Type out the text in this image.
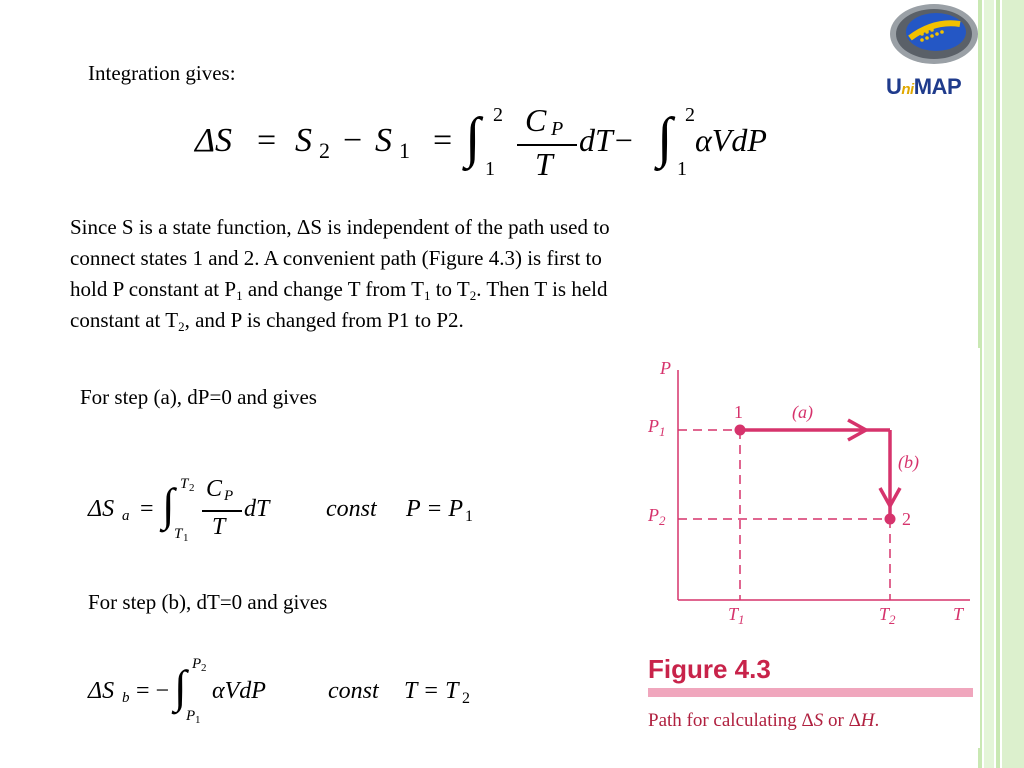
UniMAP
Integration gives:
ΔS = S 2 − S 1 = ∫ 2
1
C P
T
dT− ∫ 2
1
αVdP
Since S is a state function, ΔS is independent of the path used to
connect states 1 and 2. A convenient path (Figure 4.3) is first to
hold P constant at $P_1$ and change T from $T_1$ to $T_2$. Then T is held
constant at $T_2$, and P is changed from P1 to P2.
For step (a), dP=0 and gives
ΔS a = ∫ T 2
T 1
C P
T
dT const P = P 1
For step (b), dT=0 and gives
ΔS b = − ∫ P 2
P 1
αVdP	const T = T 2
P
T
$P_1$
$P_2$
$T_1$	$T_2$
1
2
(a)
(b)
Figure 4.3
Path for calculating ΔS or ΔH.
